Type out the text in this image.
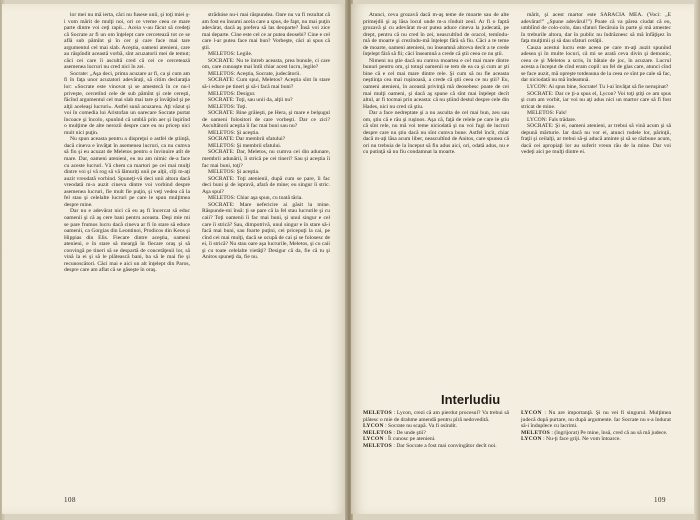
lor mei nu mă ierta, căci nu fusese unii, şi toţi miei ş-i vom mărit de mulţi noi, ori ce vreme ceea ce mare parte dintre voi ceţi rapii... Aceia v-au făcut să credeţi că Socrate ar fi un om înţelept care cercetează tot ce se află sub pămînt şi în cer şi care face mai tare argumentul cel mai slab. Aceştia, oameni atenieni, care au răspîndit această vorbă, sînt acuzatorii mei de temut; căci cei care îi ascultă cred că cei ce cercetează asemenea lucruri nu cred nici în zei.

Socrate: „Aşa deci, prima acuzare ar fi, ca şi cum am fi în faţa unor acuzatori adevăraţi, să citim declaraţia lor: «Socrate este vinovat şi se amestecă în ce nu-l priveşte, cercetînd cele de sub pămînt şi cele cereşti, făcînd argumentul cel mai slab mai tare şi învăţînd şi pe alţii aceleaşi lucruri». Astfel sună acuzarea. Aţi văzut şi voi în comedia lui Aristofan un oarecare Socrate purtat încoace şi încolo, spunînd că umblă prin aer şi înşirînd o mulţime de alte nerozii despre care eu nu pricep nici mult nici puţin.

Nu spun aceasta pentru a dispreţui o astfel de ştiinţă, dacă cineva e învăţat în asemenea lucruri, ca nu cumva să fiu şi eu acuzat de Meletos pentru o învinuire atît de mare. Dar, oameni atenieni, eu nu am nimic de-a face cu aceste lucruri. Vă chem ca martori pe cei mai mulţi dintre voi şi vă rog să vă lămuriţi unii pe alţii, cîţi m-aţi auzit vreodată vorbind. Spuneţi-vă deci unii altora dacă vreodată m-a auzit cineva dintre voi vorbind despre asemenea lucruri, fie mult fie puţin, şi veţi vedea că la fel stau şi celelalte lucruri pe care le spun mulţimea despre mine.

Dar nu e adevărat nici că eu aş fi încercat să educ oamenii şi că aş cere bani pentru aceasta. Deşi mie mi se pare frumos lucru dacă cineva ar fi în stare să educe oamenii, ca Gorgias din Leontinoi, Prodicos din Keos şi Hippias din Elis. Fiecare dintre aceştia, oameni atenieni, e în stare să meargă în fiecare oraş şi să convingă pe tineri să se despartă de concetăţenii lor, să vină la ei şi să le plătească bani, ba să le mai fie şi recunoscători. Căci mai e aici un alt înţelept din Paros, despre care am aflat că se găseşte în oraş.

străduise nu-i mai răspundea. Oare nu va fi rezultat că am fost eu însumi acela care a spus, de fapt, nu mai puţin adevărat, dacă aş prefera să las deoparte? Însă voi zice mai departe. Cine este cel ce ar putea deosebi? Cine e cel care l-ar putea face mai bun? Vorbeşte, căci ai spus că ştii.

MELETOS: Legile.

SOCRATE: Nu te întreb aceasta, prea bunule, ci care om, care cunoaşte mai întîi chiar acest lucru, legile?

MELETOS: Aceştia, Socrate, judecătorii.

SOCRATE: Cum spui, Meletos? Aceştia sînt în stare să-i educe pe tineri şi să-i facă mai buni?

MELETOS: Desigur.

SOCRATE: Toţi, sau unii da, alţii nu?

MELETOS: Toţi.

SOCRATE: Bine grăieşti, pe Hera, şi mare e belşugul de oameni folositori de care vorbeşti. Dar ce zici? Ascultătorii aceştia îi fac mai buni sau nu?

MELETOS: Şi aceştia.

SOCRATE: Dar membrii sfatului?

MELETOS: Şi membrii sfatului.

SOCRATE: Dar, Meletos, nu cumva cei din adunare, membrii adunării, îi strică pe cei tineri? Sau şi aceştia îi fac mai buni, toţi?

MELETOS: Şi aceştia.

SOCRATE: Toţi atenienii, după cum se pare, îi fac deci buni şi de ispravă, afară de mine; eu singur îi stric. Aşa spui?

MELETOS: Chiar aşa spun, cu toată tăria.

SOCRATE: Mare nefericire ai găsit la mine. Răspunde-mi însă: ţi se pare că la fel stau lucrurile şi cu caii? Toţi oamenii îi fac mai buni, şi unul singur e cel care îi strică? Sau, dimpotrivă, unul singur e în stare să-i facă mai buni, sau foarte puţini, cei pricepuţi la cai, pe cînd cei mai mulţi, dacă se ocupă de cai şi se folosesc de ei, îi strică? Nu stau oare aşa lucrurile, Meletos, şi cu caii şi cu toate celelalte vietăţi? Desigur că da, fie că tu şi Anitos spuneţi da, fie nu.

108

Atunci, ceva grozavă dacă m-aş teme de moarte sau de alte primejdii şi aş lăsa locul unde m-a rînduit zeul. Ar fi o faptă grozavă şi cu adevărat m-ar putea aduce cineva la judecată, pe drept, pentru că nu cred în zei, neascultînd de oracol, temîndu-mă de moarte şi crezîndu-mă înţelept fără să fiu. Căci a te teme de moarte, oameni atenieni, nu înseamnă altceva decît a te crede înţelept fără să fii; căci înseamnă a crede că ştii ceea ce nu ştii.

Nimeni nu ştie dacă nu cumva moartea e cel mai mare dintre bunuri pentru om, şi totuşi oamenii se tem de ea ca şi cum ar şti bine că e cel mai mare dintre rele. Şi cum să nu fie aceasta neştiinţa cea mai ruşinoasă, a crede că ştii ceea ce nu ştii? Eu, oameni atenieni, în această privinţă mă deosebesc poate de cei mai mulţi oameni, şi dacă aş spune că sînt mai înţelept decît altul, ar fi tocmai prin aceasta: că nu ştiind destul despre cele din Hades, nici nu cred că ştiu.

Dar a face nedreptate şi a nu asculta de cel mai bun, zeu sau om, ştiu că e rău şi ruşinos. Aşa că, faţă de relele pe care le ştiu că sînt rele, nu mă voi teme niciodată şi nu voi fugi de lucruri despre care nu ştiu dacă nu sînt cumva bune. Astfel încît, chiar dacă m-aţi lăsa acum liber, neascultînd de Anitos, care spunea că ori nu trebuia de la început să fiu adus aici, ori, odată adus, nu e cu putinţă să nu fiu condamnat la moarte.

mărit, şi acest martor este SARACIA MEA. (Voci: „E adevărat!” „Spune adevărul!”) Poate că va părea ciudat că eu, umblînd de colo-colo, dau sfaturi fiecăruia în parte şi mă amestec în treburile altora, dar în public nu îndrăznesc să mă înfăţişez în faţa mulţimii şi să dau sfaturi cetăţii.

Cauza acestui lucru este aceea pe care m-aţi auzit spunînd adesea şi în multe locuri, că mi se arată ceva divin şi demonic, ceea ce şi Meletos a scris, în bătaie de joc, în acuzare. Lucrul acesta a început de cînd eram copil: un fel de glas care, atunci cînd se face auzit, mă opreşte totdeauna de la ceea ce sînt pe cale să fac, dar niciodată nu mă îndeamnă.

LYCON: Ai spus bine, Socrate! Tu l-ai învăţat să fie neruşinat?

SOCRATE: Dar ce ţi-a spus el, Lycon? Voi toţi ştiţi ce am spus şi cum am vorbit, iar voi nu aţi adus nici un martor care să fi fost stricat de mine.

MELETOS: Fals!

LYCON: Fals trădare.

SOCRATE: Şi ei, oameni atenieni, ar trebui să vină acum şi să depună mărturie. Iar dacă nu vor ei, atunci rudele lor, părinţii, fraţii şi ceilalţi, ar trebui să-şi aducă aminte şi să se răzbune acum, dacă cei apropiaţi lor au suferit vreun rău de la mine. Dar voi vedeţi aici pe mulţi dintre ei.

Interludiu

MELETOS : Lycon, crezi că am pierdut procesul? Va trebui să plătesc o mie de drahme amendă pentru pîră nedovedită.

LYCON : Socrate nu scapă. Va fi osîndit.

MELETOS : De unde ştii?

LYCON : Îi cunosc pe atenieni.

MELETOS : Dar Socrate a fost mai convingător decît noi.

LYCON : Nu are importanţă. Şi nu vei fi singurul. Mulţimea judecă după purtare, nu după argumente. Iar Socrate nu s-a îndurat să-i înduplece cu lacrimi.

MELETOS : (îngrijorat) Pe mine, însă, cred că au să mă judece.

LYCON : Nu-ţi face griji. Ne vom întoarce.

109
